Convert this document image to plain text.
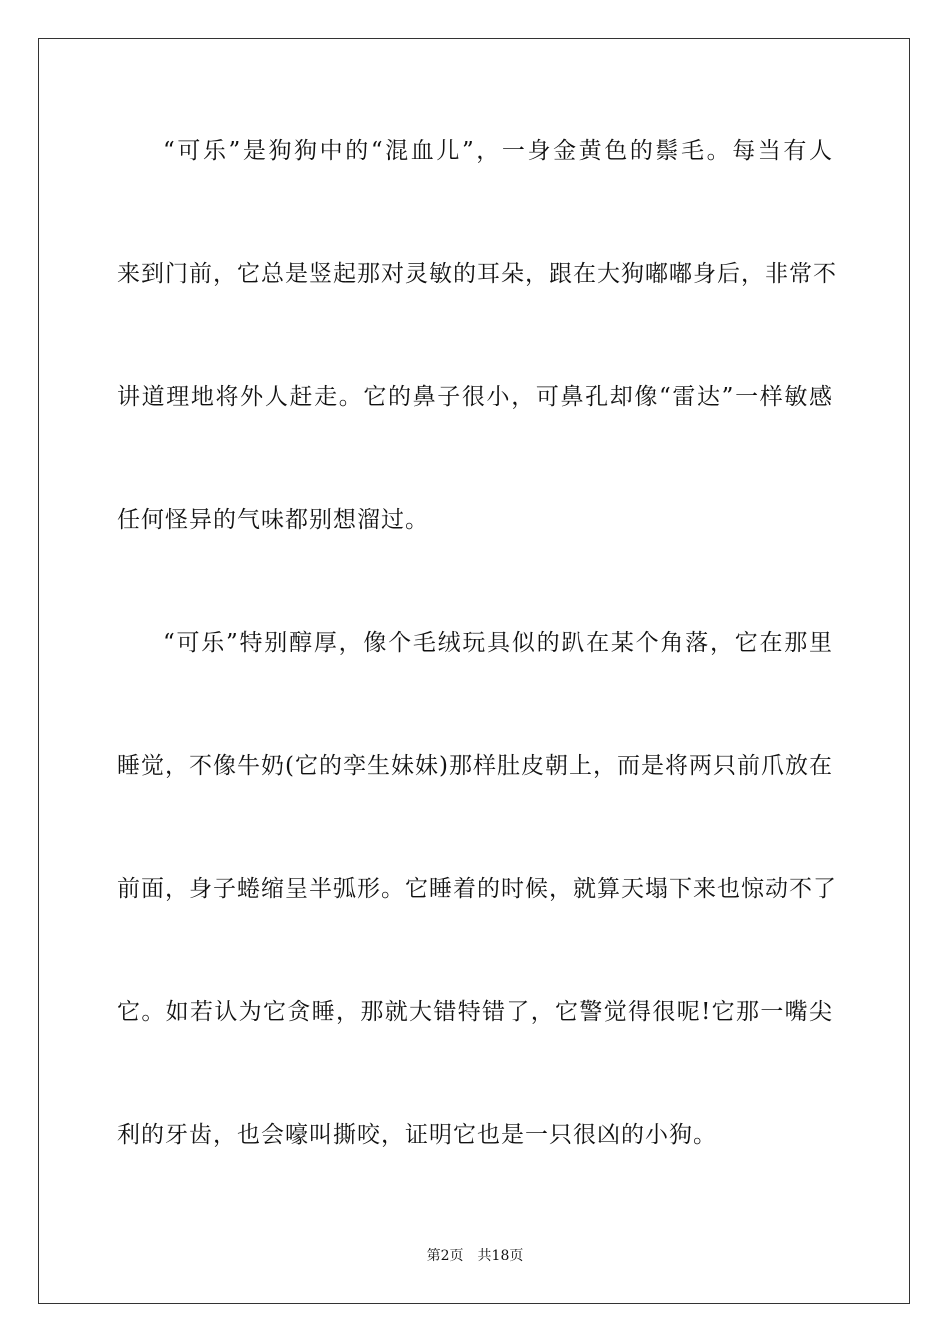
“可乐”是狗狗中的“混血儿”，一身金黄色的鬃毛。每当有人
来到门前，它总是竖起那对灵敏的耳朵，跟在大狗嘟嘟身后，非常不
讲道理地将外人赶走。它的鼻子很小，可鼻孔却像“雷达”一样敏感
任何怪异的气味都别想溜过。
“可乐”特别醇厚，像个毛绒玩具似的趴在某个角落，它在那里
睡觉，不像牛奶(它的孪生妹妹)那样肚皮朝上，而是将两只前爪放在
前面，身子蜷缩呈半弧形。它睡着的时候，就算天塌下来也惊动不了
它。如若认为它贪睡，那就大错特错了，它警觉得很呢!它那一嘴尖
利的牙齿，也会嚎叫撕咬，证明它也是一只很凶的小狗。
第2页 共18页
